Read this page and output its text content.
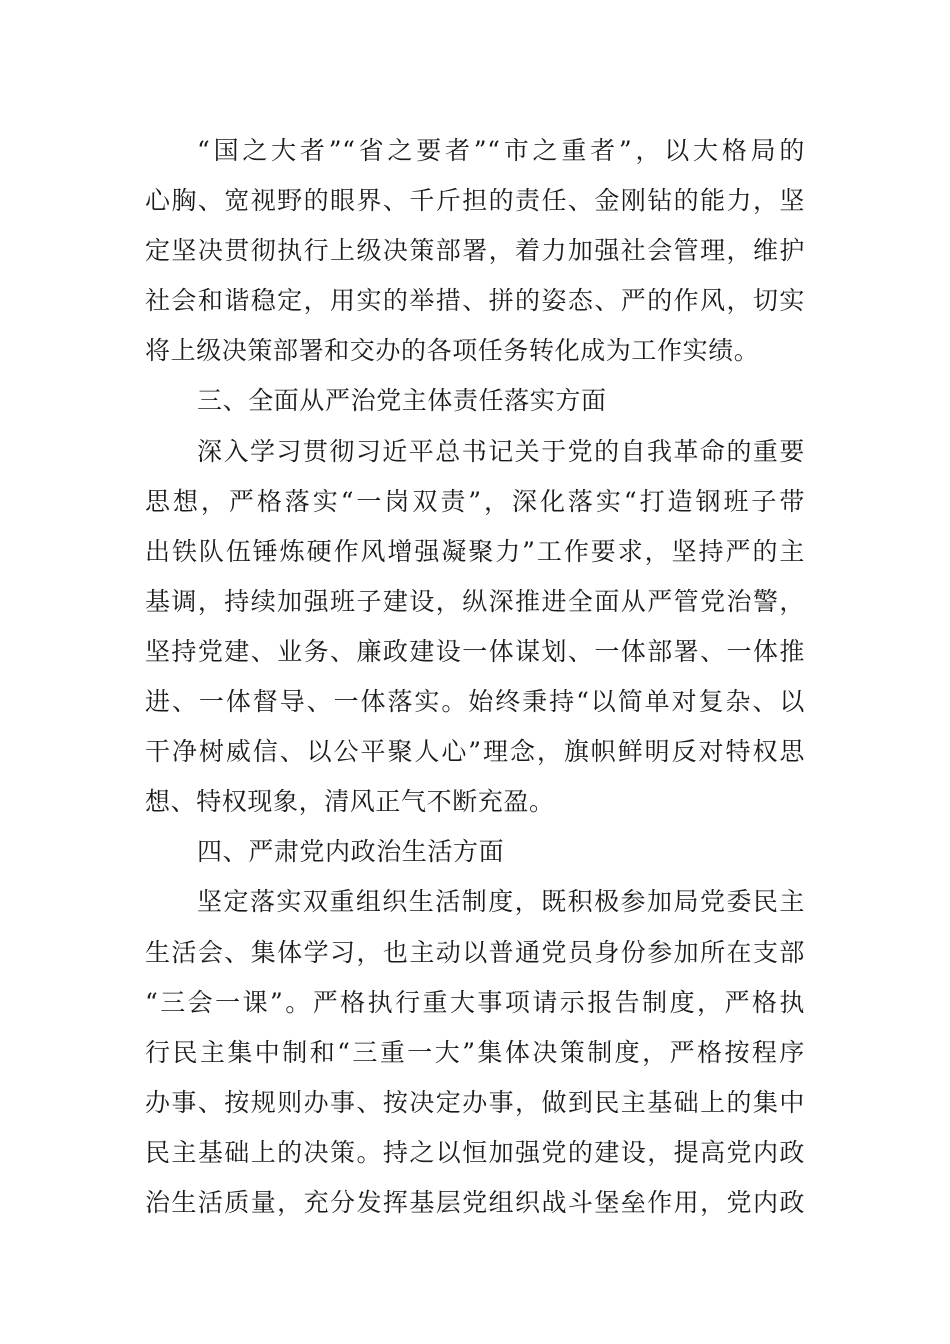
“国之大者”“省之要者”“市之重者”，以大格局的
心胸、宽视野的眼界、千斤担的责任、金刚钻的能力，坚
定坚决贯彻执行上级决策部署，着力加强社会管理，维护
社会和谐稳定，用实的举措、拼的姿态、严的作风，切实
将上级决策部署和交办的各项任务转化成为工作实绩。
三、全面从严治党主体责任落实方面
深入学习贯彻习近平总书记关于党的自我革命的重要
思想，严格落实“一岗双责”，深化落实“打造钢班子带
出铁队伍锤炼硬作风增强凝聚力”工作要求，坚持严的主
基调，持续加强班子建设，纵深推进全面从严管党治警，
坚持党建、业务、廉政建设一体谋划、一体部署、一体推
进、一体督导、一体落实。始终秉持“以简单对复杂、以
干净树威信、以公平聚人心”理念，旗帜鲜明反对特权思
想、特权现象，清风正气不断充盈。
四、严肃党内政治生活方面
坚定落实双重组织生活制度，既积极参加局党委民主
生活会、集体学习，也主动以普通党员身份参加所在支部
“三会一课”。严格执行重大事项请示报告制度，严格执
行民主集中制和“三重一大”集体决策制度，严格按程序
办事、按规则办事、按决定办事，做到民主基础上的集中
民主基础上的决策。持之以恒加强党的建设，提高党内政
治生活质量，充分发挥基层党组织战斗堡垒作用，党内政
